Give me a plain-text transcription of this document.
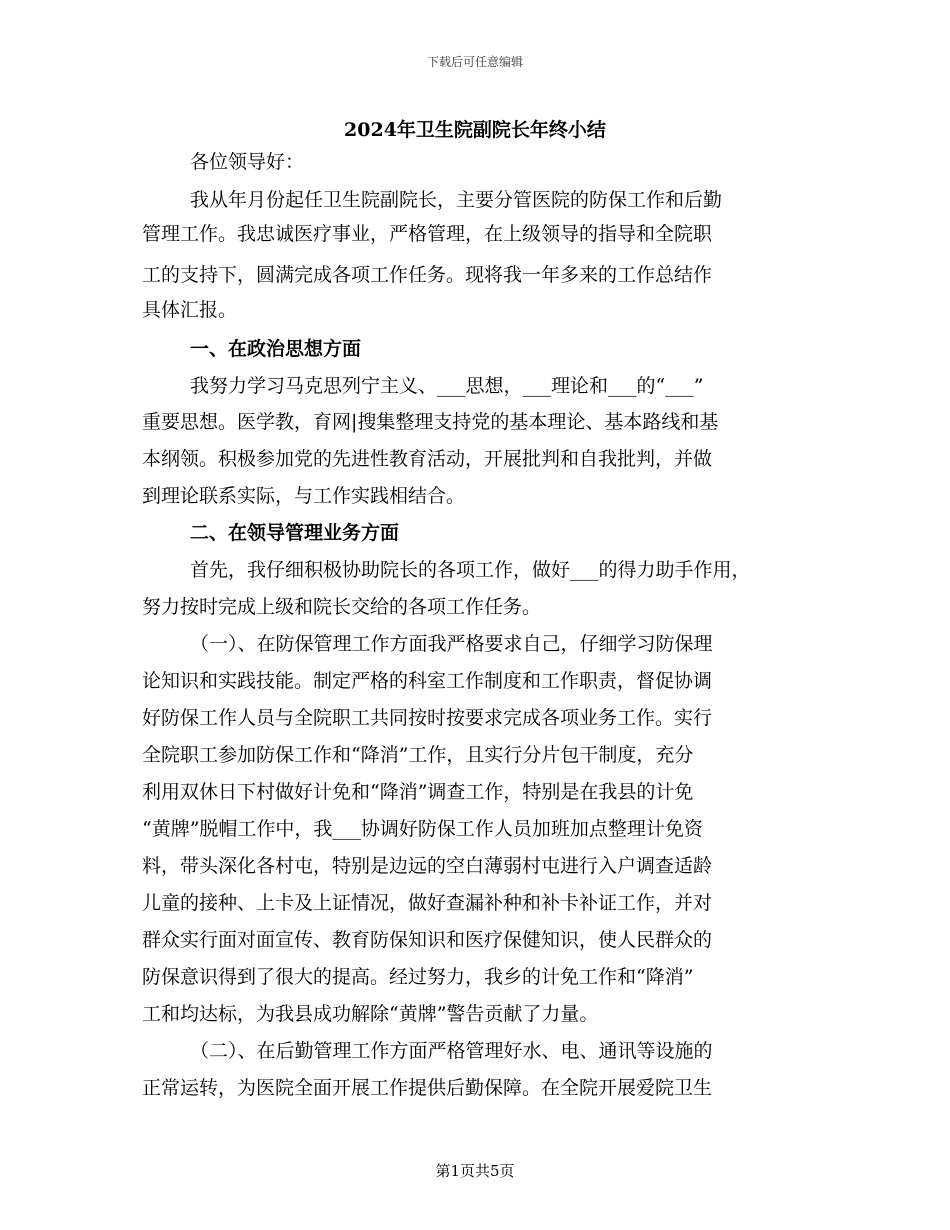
下载后可任意编辑
2024年卫生院副院长年终小结
各位领导好：
我从年月份起任卫生院副院长，主要分管医院的防保工作和后勤
管理工作。我忠诚医疗事业，严格管理，在上级领导的指导和全院职
工的支持下，圆满完成各项工作任务。现将我一年多来的工作总结作
具体汇报。
一、在政治思想方面
我努力学习马克思列宁主义、___思想，___理论和___的“___”
重要思想。医学教，育网|搜集整理支持党的基本理论、基本路线和基
本纲领。积极参加党的先进性教育活动，开展批判和自我批判，并做
到理论联系实际，与工作实践相结合。
二、在领导管理业务方面
首先，我仔细积极协助院长的各项工作，做好___的得力助手作用，
努力按时完成上级和院长交给的各项工作任务。
（一）、在防保管理工作方面我严格要求自己，仔细学习防保理
论知识和实践技能。制定严格的科室工作制度和工作职责，督促协调
好防保工作人员与全院职工共同按时按要求完成各项业务工作。实行
全院职工参加防保工作和“降消”工作，且实行分片包干制度，充分
利用双休日下村做好计免和“降消”调查工作，特别是在我县的计免
“黄牌”脱帽工作中，我___协调好防保工作人员加班加点整理计免资
料，带头深化各村屯，特别是边远的空白薄弱村屯进行入户调查适龄
儿童的接种、上卡及上证情况，做好查漏补种和补卡补证工作，并对
群众实行面对面宣传、教育防保知识和医疗保健知识，使人民群众的
防保意识得到了很大的提高。经过努力，我乡的计免工作和“降消”
工和均达标，为我县成功解除“黄牌”警告贡献了力量。
（二）、在后勤管理工作方面严格管理好水、电、通讯等设施的
正常运转，为医院全面开展工作提供后勤保障。在全院开展爱院卫生
第1页共5页
